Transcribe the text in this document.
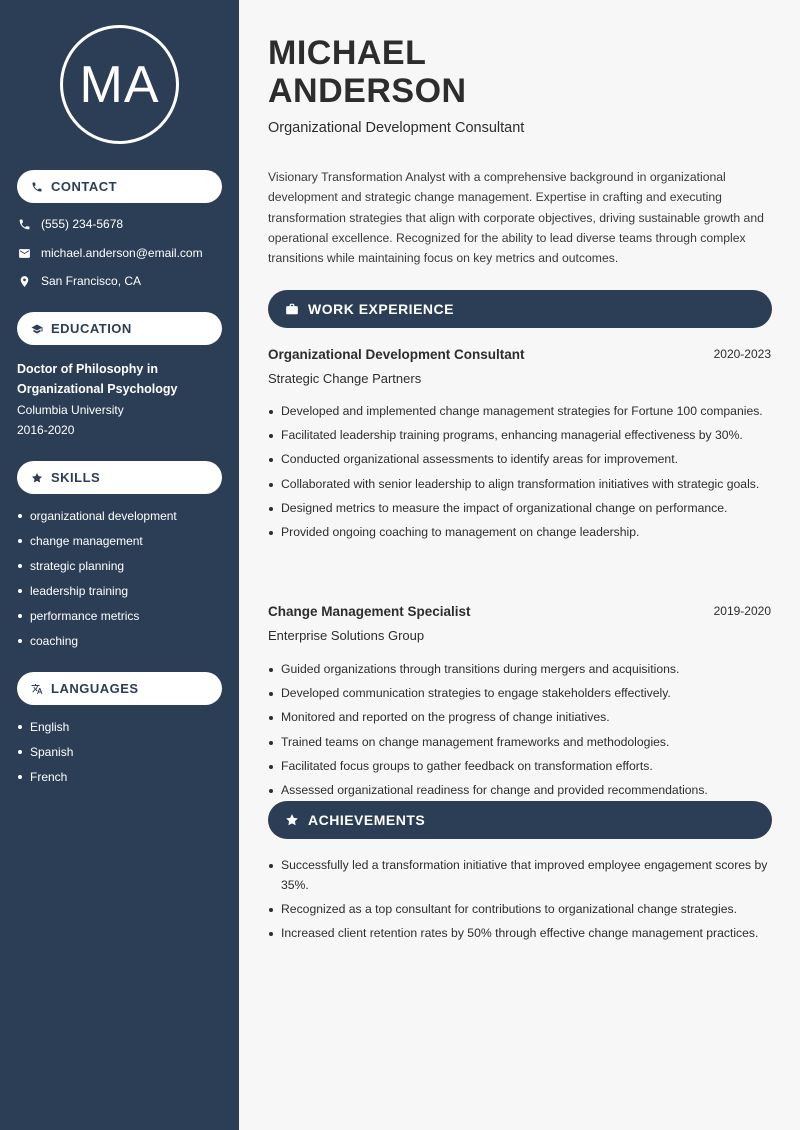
MA
CONTACT
(555) 234-5678
michael.anderson@email.com
San Francisco, CA
EDUCATION
Doctor of Philosophy in Organizational Psychology
Columbia University
2016-2020
SKILLS
organizational development
change management
strategic planning
leadership training
performance metrics
coaching
LANGUAGES
English
Spanish
French
MICHAEL
ANDERSON
Organizational Development Consultant

Visionary Transformation Analyst with a comprehensive background in organizational development and strategic change management. Expertise in crafting and executing transformation strategies that align with corporate objectives, driving sustainable growth and operational excellence. Recognized for the ability to lead diverse teams through complex transitions while maintaining focus on key metrics and outcomes.

WORK EXPERIENCE
Organizational Development Consultant	2020-2023
Strategic Change Partners
Developed and implemented change management strategies for Fortune 100 companies.
Facilitated leadership training programs, enhancing managerial effectiveness by 30%.
Conducted organizational assessments to identify areas for improvement.
Collaborated with senior leadership to align transformation initiatives with strategic goals.
Designed metrics to measure the impact of organizational change on performance.
Provided ongoing coaching to management on change leadership.
Change Management Specialist	2019-2020
Enterprise Solutions Group
Guided organizations through transitions during mergers and acquisitions.
Developed communication strategies to engage stakeholders effectively.
Monitored and reported on the progress of change initiatives.
Trained teams on change management frameworks and methodologies.
Facilitated focus groups to gather feedback on transformation efforts.
Assessed organizational readiness for change and provided recommendations.
ACHIEVEMENTS
Successfully led a transformation initiative that improved employee engagement scores by 35%.
Recognized as a top consultant for contributions to organizational change strategies.
Increased client retention rates by 50% through effective change management practices.
